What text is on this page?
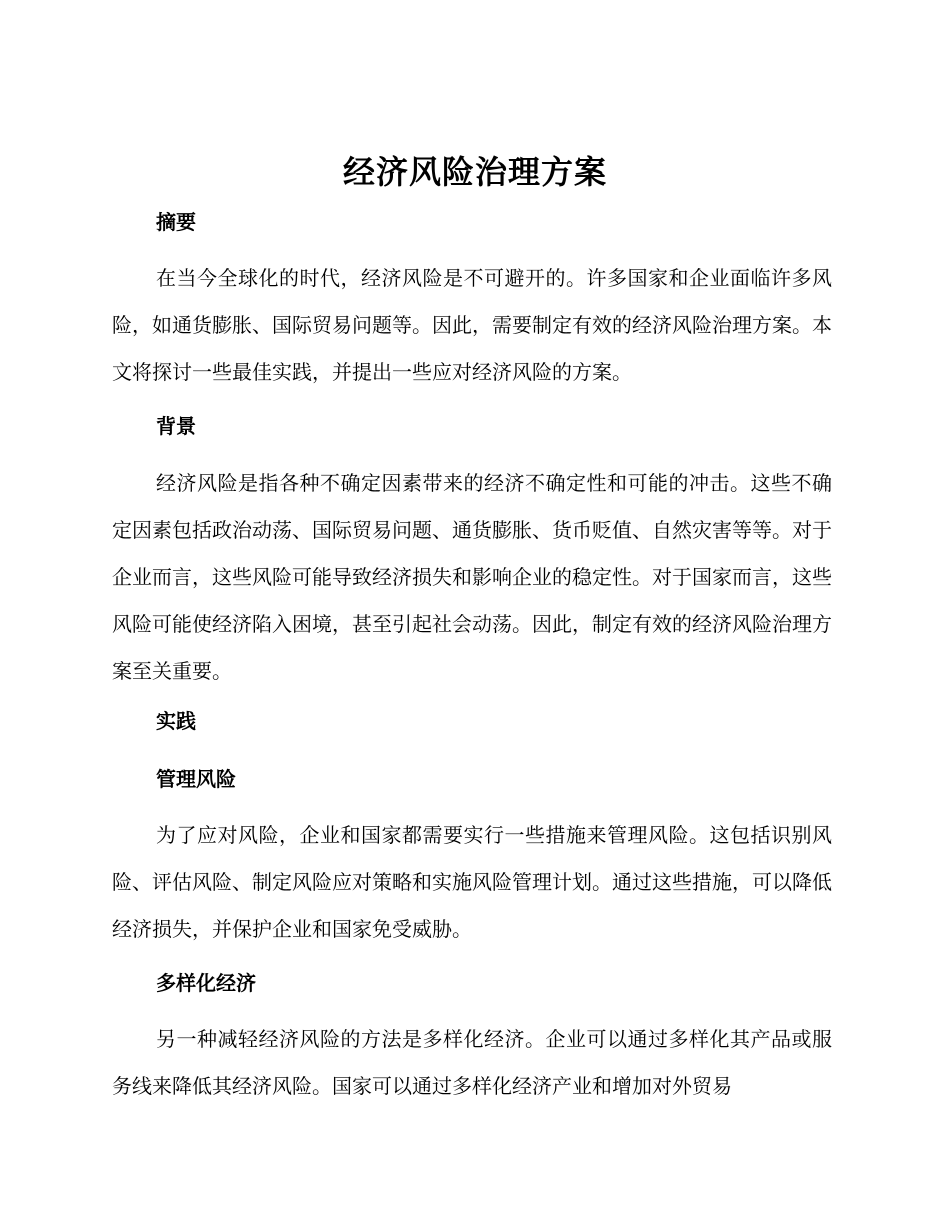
经济风险治理方案
摘要

在当今全球化的时代，经济风险是不可避开的。许多国家和企业面临许多风险，如通货膨胀、国际贸易问题等。因此，需要制定有效的经济风险治理方案。本文将探讨一些最佳实践，并提出一些应对经济风险的方案。

背景

经济风险是指各种不确定因素带来的经济不确定性和可能的冲击。这些不确定因素包括政治动荡、国际贸易问题、通货膨胀、货币贬值、自然灾害等等。对于企业而言，这些风险可能导致经济损失和影响企业的稳定性。对于国家而言，这些风险可能使经济陷入困境，甚至引起社会动荡。因此，制定有效的经济风险治理方案至关重要。

实践
管理风险

为了应对风险，企业和国家都需要实行一些措施来管理风险。这包括识别风险、评估风险、制定风险应对策略和实施风险管理计划。通过这些措施，可以降低经济损失，并保护企业和国家免受威胁。

多样化经济

另一种减轻经济风险的方法是多样化经济。企业可以通过多样化其产品或服务线来降低其经济风险。国家可以通过多样化经济产业和增加对外贸易
